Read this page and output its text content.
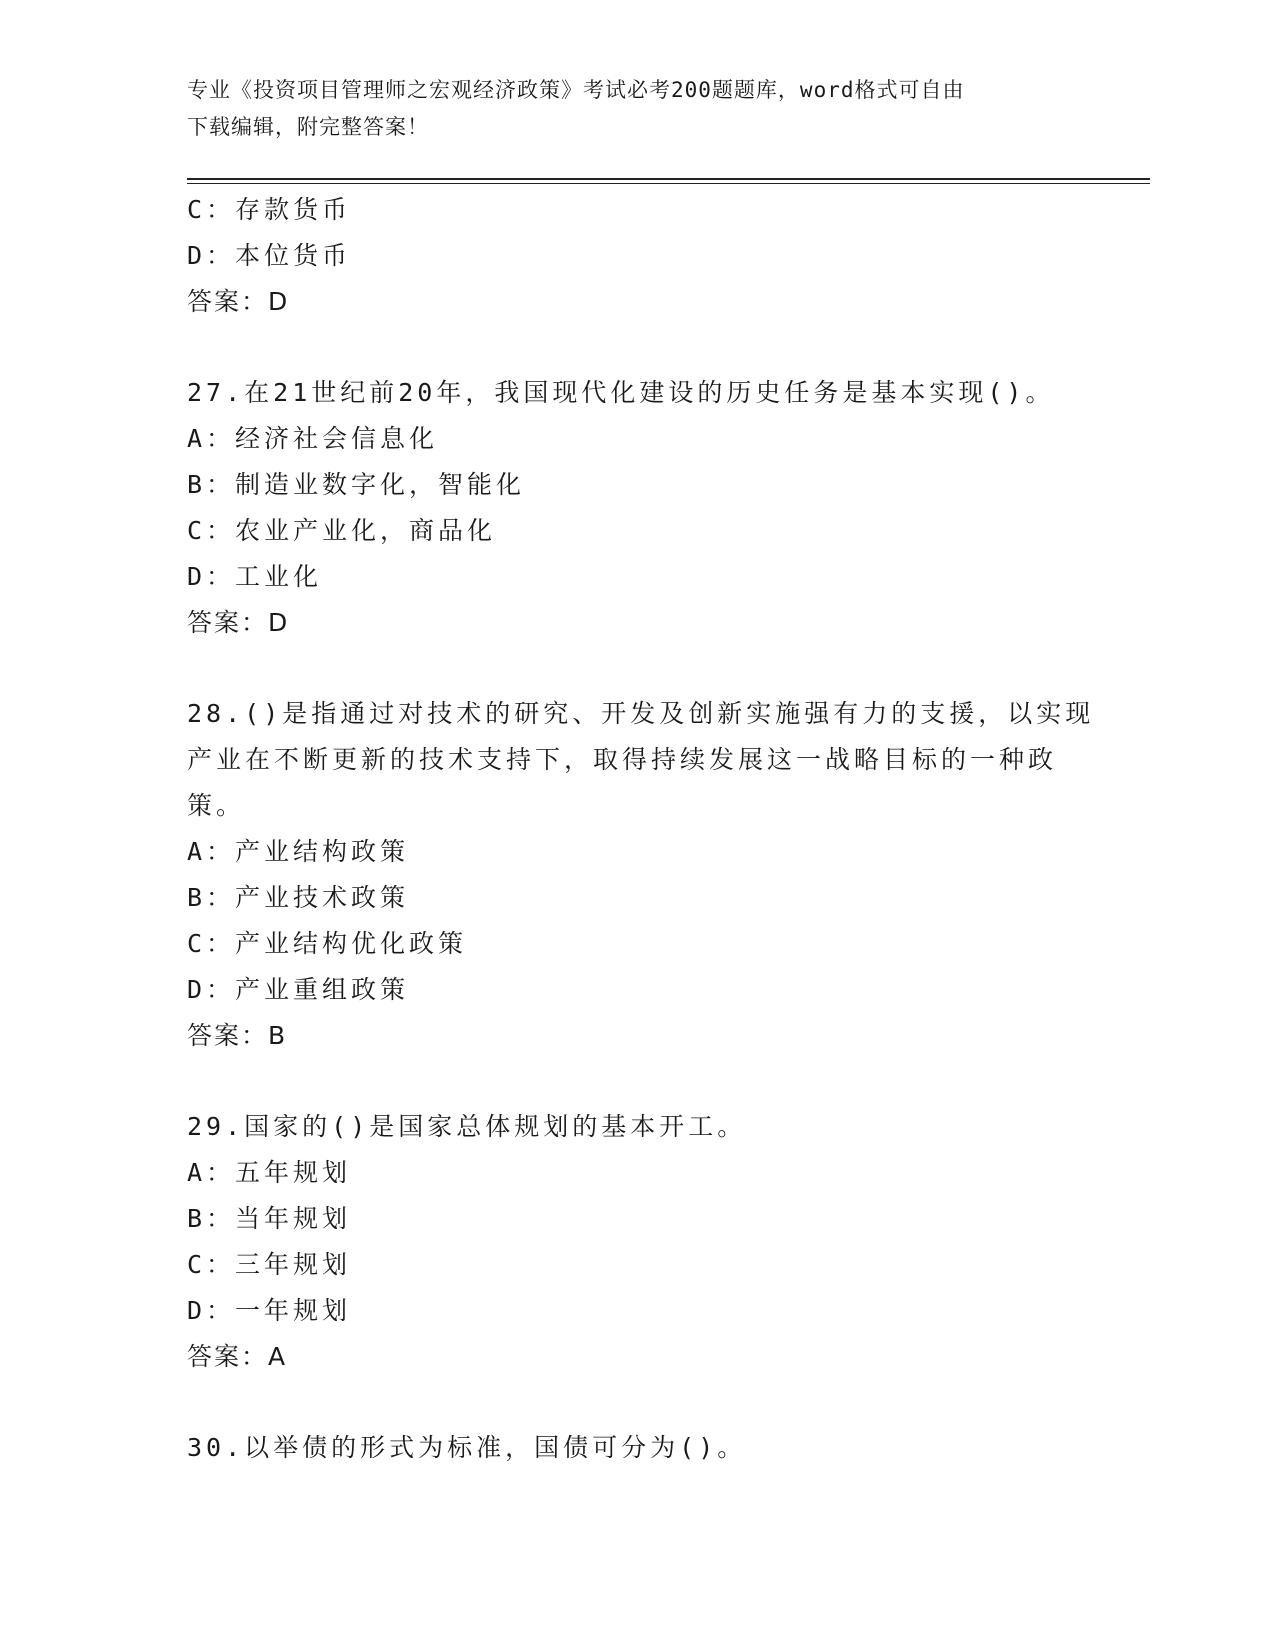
专业《投资项目管理师之宏观经济政策》考试必考200题题库，word格式可自由
下载编辑，附完整答案！
C：存款货币
D：本位货币
答案：D
27.在21世纪前20年，我国现代化建设的历史任务是基本实现()。
A：经济社会信息化
B：制造业数字化，智能化
C：农业产业化，商品化
D：工业化
答案：D
28.()是指通过对技术的研究、开发及创新实施强有力的支援，以实现
产业在不断更新的技术支持下，取得持续发展这一战略目标的一种政
策。
A：产业结构政策
B：产业技术政策
C：产业结构优化政策
D：产业重组政策
答案：B
29.国家的()是国家总体规划的基本开工。
A：五年规划
B：当年规划
C：三年规划
D：一年规划
答案：A
30.以举债的形式为标准，国债可分为()。
